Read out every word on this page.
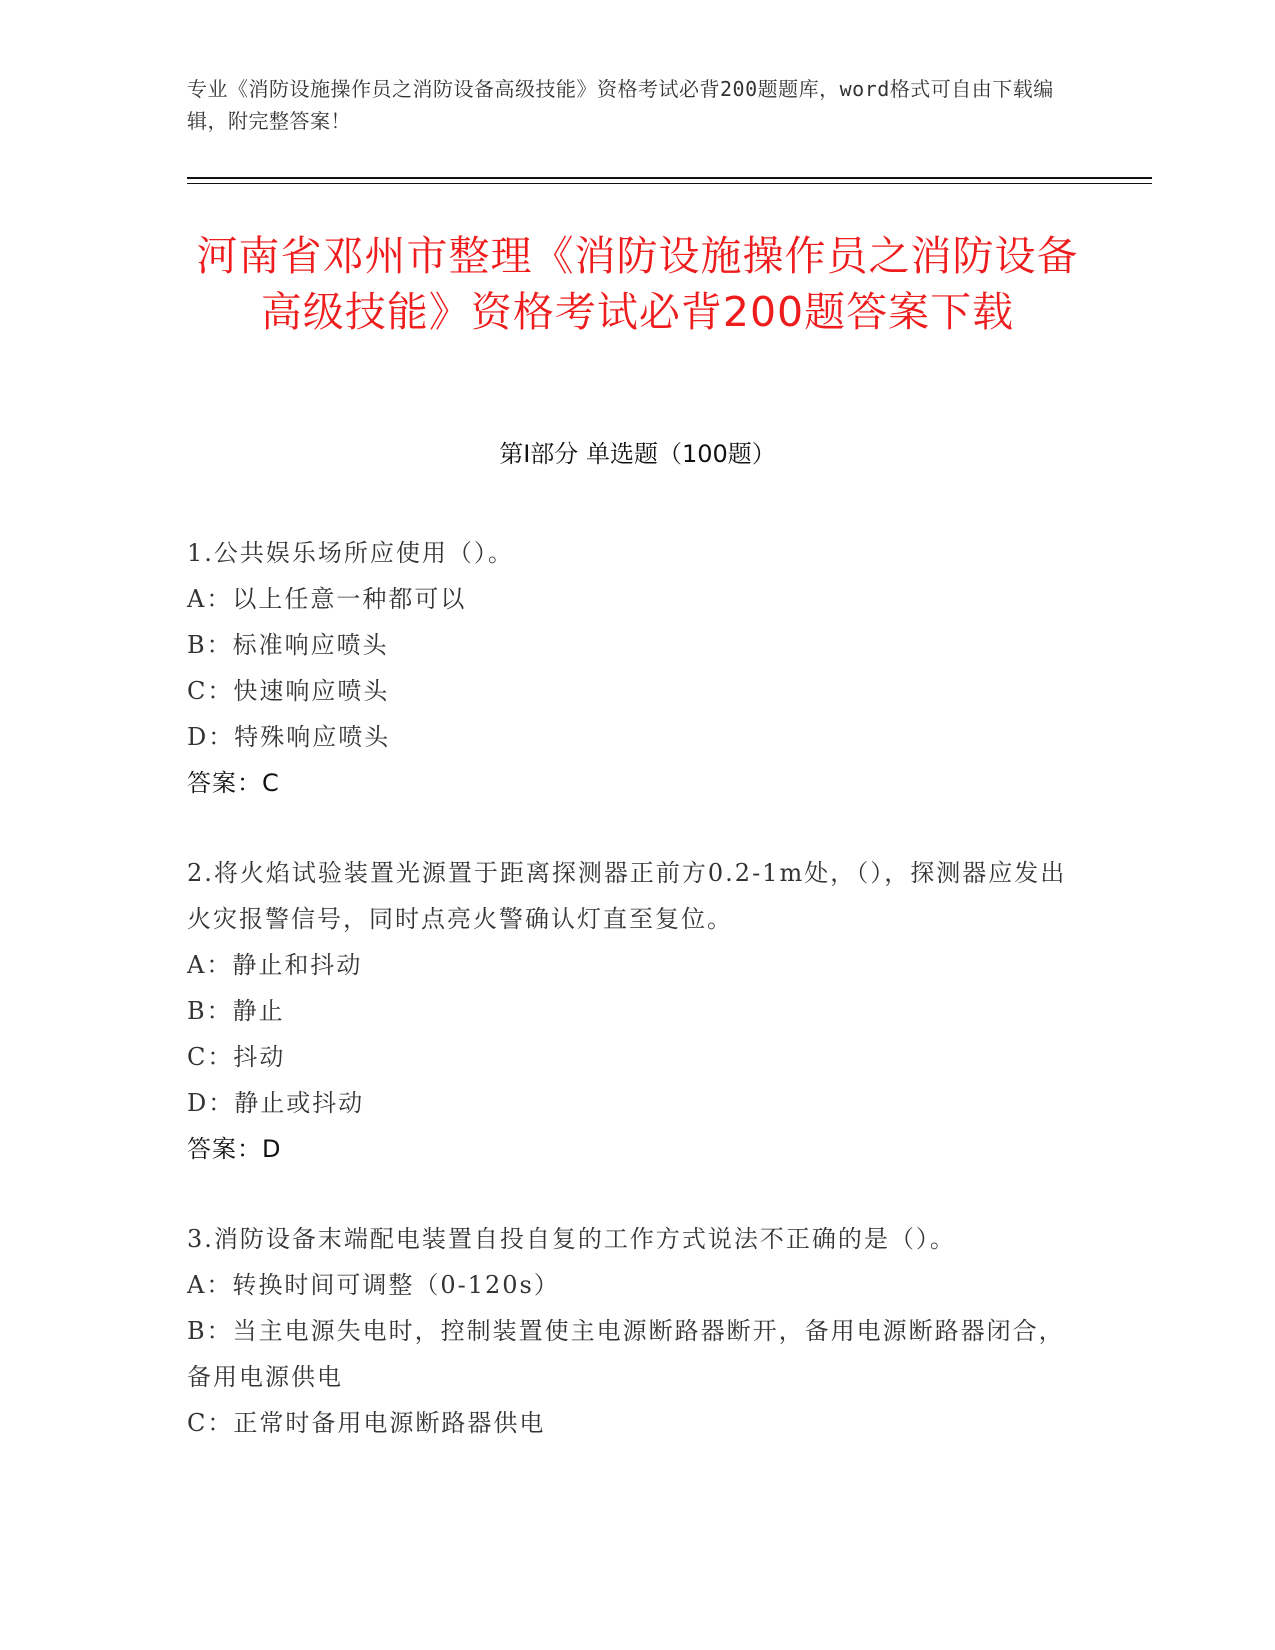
专业《消防设施操作员之消防设备高级技能》资格考试必背200题题库，word格式可自由下载编辑，附完整答案！
河南省邓州市整理《消防设施操作员之消防设备高级技能》资格考试必背200题答案下载
第Ⅰ部分 单选题（100题）

1.公共娱乐场所应使用（）。

A：以上任意一种都可以

B：标准响应喷头

C：快速响应喷头

D：特殊响应喷头

答案：C

2.将火焰试验装置光源置于距离探测器正前方0.2-1m处，（），探测器应发出火灾报警信号，同时点亮火警确认灯直至复位。

A：静止和抖动

B：静止

C：抖动

D：静止或抖动

答案：D

3.消防设备末端配电装置自投自复的工作方式说法不正确的是（）。

A：转换时间可调整（0-120s）

B：当主电源失电时，控制装置使主电源断路器断开，备用电源断路器闭合，备用电源供电

C：正常时备用电源断路器供电
